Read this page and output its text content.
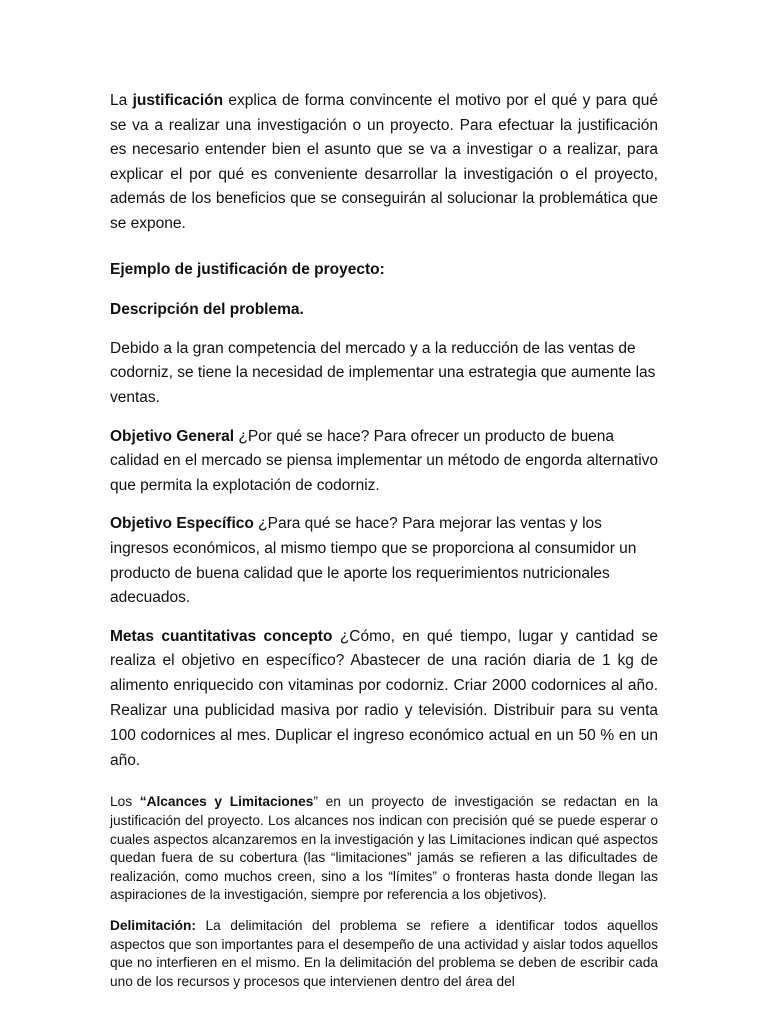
La justificación explica de forma convincente el motivo por el qué y para qué se va a realizar una investigación o un proyecto. Para efectuar la justificación es necesario entender bien el asunto que se va a investigar o a realizar, para explicar el por qué es conveniente desarrollar la investigación o el proyecto, además de los beneficios que se conseguirán al solucionar la problemática que se expone.

Ejemplo de justificación de proyecto:

Descripción del problema.

Debido a la gran competencia del mercado y a la reducción de las ventas de codorniz, se tiene la necesidad de implementar una estrategia que aumente las ventas.

Objetivo General ¿Por qué se hace? Para ofrecer un producto de buena calidad en el mercado se piensa implementar un método de engorda alternativo que permita la explotación de codorniz.

Objetivo Específico ¿Para qué se hace? Para mejorar las ventas y los ingresos económicos, al mismo tiempo que se proporciona al consumidor un producto de buena calidad que le aporte los requerimientos nutricionales adecuados.

Metas cuantitativas concepto ¿Cómo, en qué tiempo, lugar y cantidad se realiza el objetivo en específico? Abastecer de una ración diaria de 1 kg de alimento enriquecido con vitaminas por codorniz. Criar 2000 codornices al año. Realizar una publicidad masiva por radio y televisión. Distribuir para su venta 100 codornices al mes. Duplicar el ingreso económico actual en un 50 % en un año.

Los “Alcances y Limitaciones” en un proyecto de investigación se redactan en la justificación del proyecto. Los alcances nos indican con precisión qué se puede esperar o cuales aspectos alcanzaremos en la investigación y las Limitaciones indican qué aspectos quedan fuera de su cobertura (las “limitaciones” jamás se refieren a las dificultades de realización, como muchos creen, sino a los “límites” o fronteras hasta donde llegan las aspiraciones de la investigación, siempre por referencia a los objetivos).

Delimitación: La delimitación del problema se refiere a identificar todos aquellos aspectos que son importantes para el desempeño de una actividad y aislar todos aquellos que no interfieren en el mismo. En la delimitación del problema se deben de escribir cada uno de los recursos y procesos que intervienen dentro del área del
